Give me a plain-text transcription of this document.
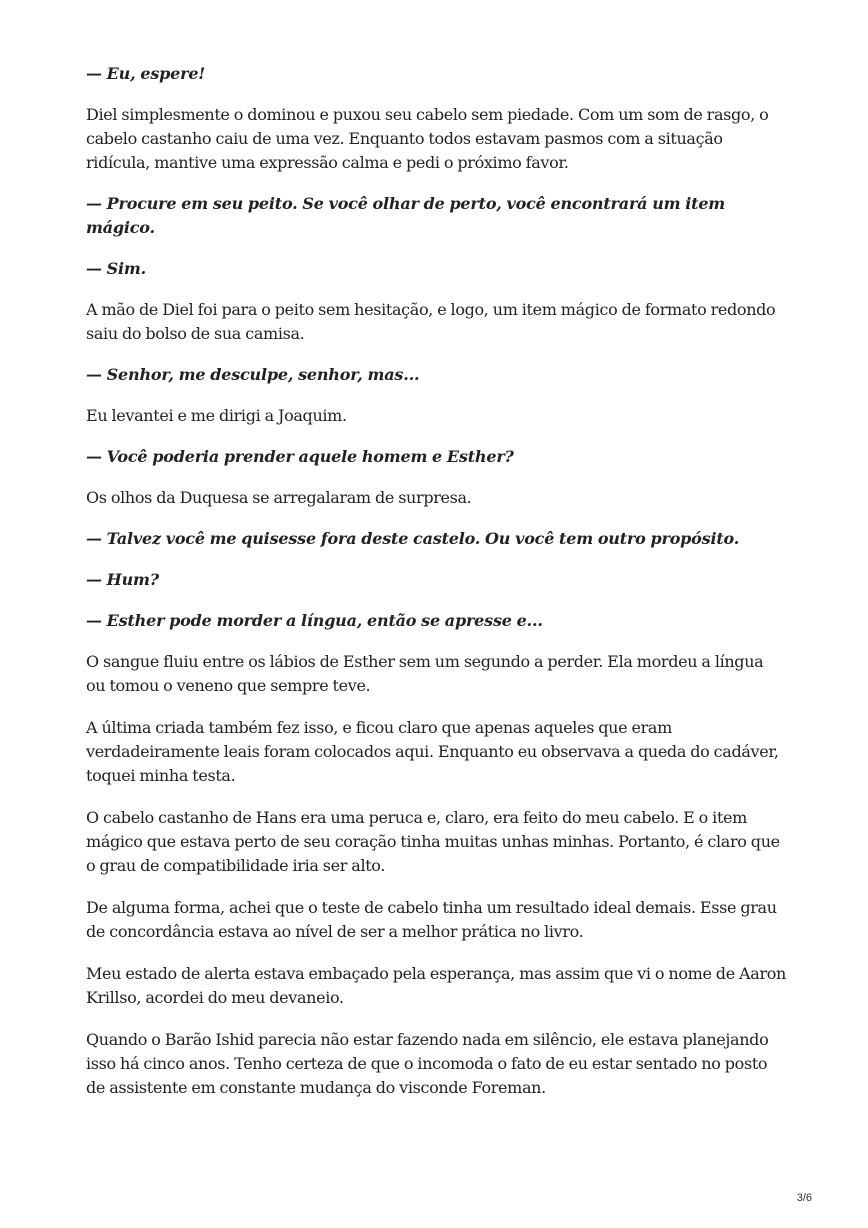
— Eu, espere!

Diel simplesmente o dominou e puxou seu cabelo sem piedade. Com um som de rasgo, o cabelo castanho caiu de uma vez. Enquanto todos estavam pasmos com a situação ridícula, mantive uma expressão calma e pedi o próximo favor.

— Procure em seu peito. Se você olhar de perto, você encontrará um item mágico.

— Sim.

A mão de Diel foi para o peito sem hesitação, e logo, um item mágico de formato redondo saiu do bolso de sua camisa.

— Senhor, me desculpe, senhor, mas...

Eu levantei e me dirigi a Joaquim.

— Você poderia prender aquele homem e Esther?

Os olhos da Duquesa se arregalaram de surpresa.

— Talvez você me quisesse fora deste castelo. Ou você tem outro propósito.

— Hum?

— Esther pode morder a língua, então se apresse e...

O sangue fluiu entre os lábios de Esther sem um segundo a perder. Ela mordeu a língua ou tomou o veneno que sempre teve.

A última criada também fez isso, e ficou claro que apenas aqueles que eram verdadeiramente leais foram colocados aqui. Enquanto eu observava a queda do cadáver, toquei minha testa.

O cabelo castanho de Hans era uma peruca e, claro, era feito do meu cabelo. E o item mágico que estava perto de seu coração tinha muitas unhas minhas. Portanto, é claro que o grau de compatibilidade iria ser alto.

De alguma forma, achei que o teste de cabelo tinha um resultado ideal demais. Esse grau de concordância estava ao nível de ser a melhor prática no livro.

Meu estado de alerta estava embaçado pela esperança, mas assim que vi o nome de Aaron Krillso, acordei do meu devaneio.

Quando o Barão Ishid parecia não estar fazendo nada em silêncio, ele estava planejando isso há cinco anos. Tenho certeza de que o incomoda o fato de eu estar sentado no posto de assistente em constante mudança do visconde Foreman.

3/6
